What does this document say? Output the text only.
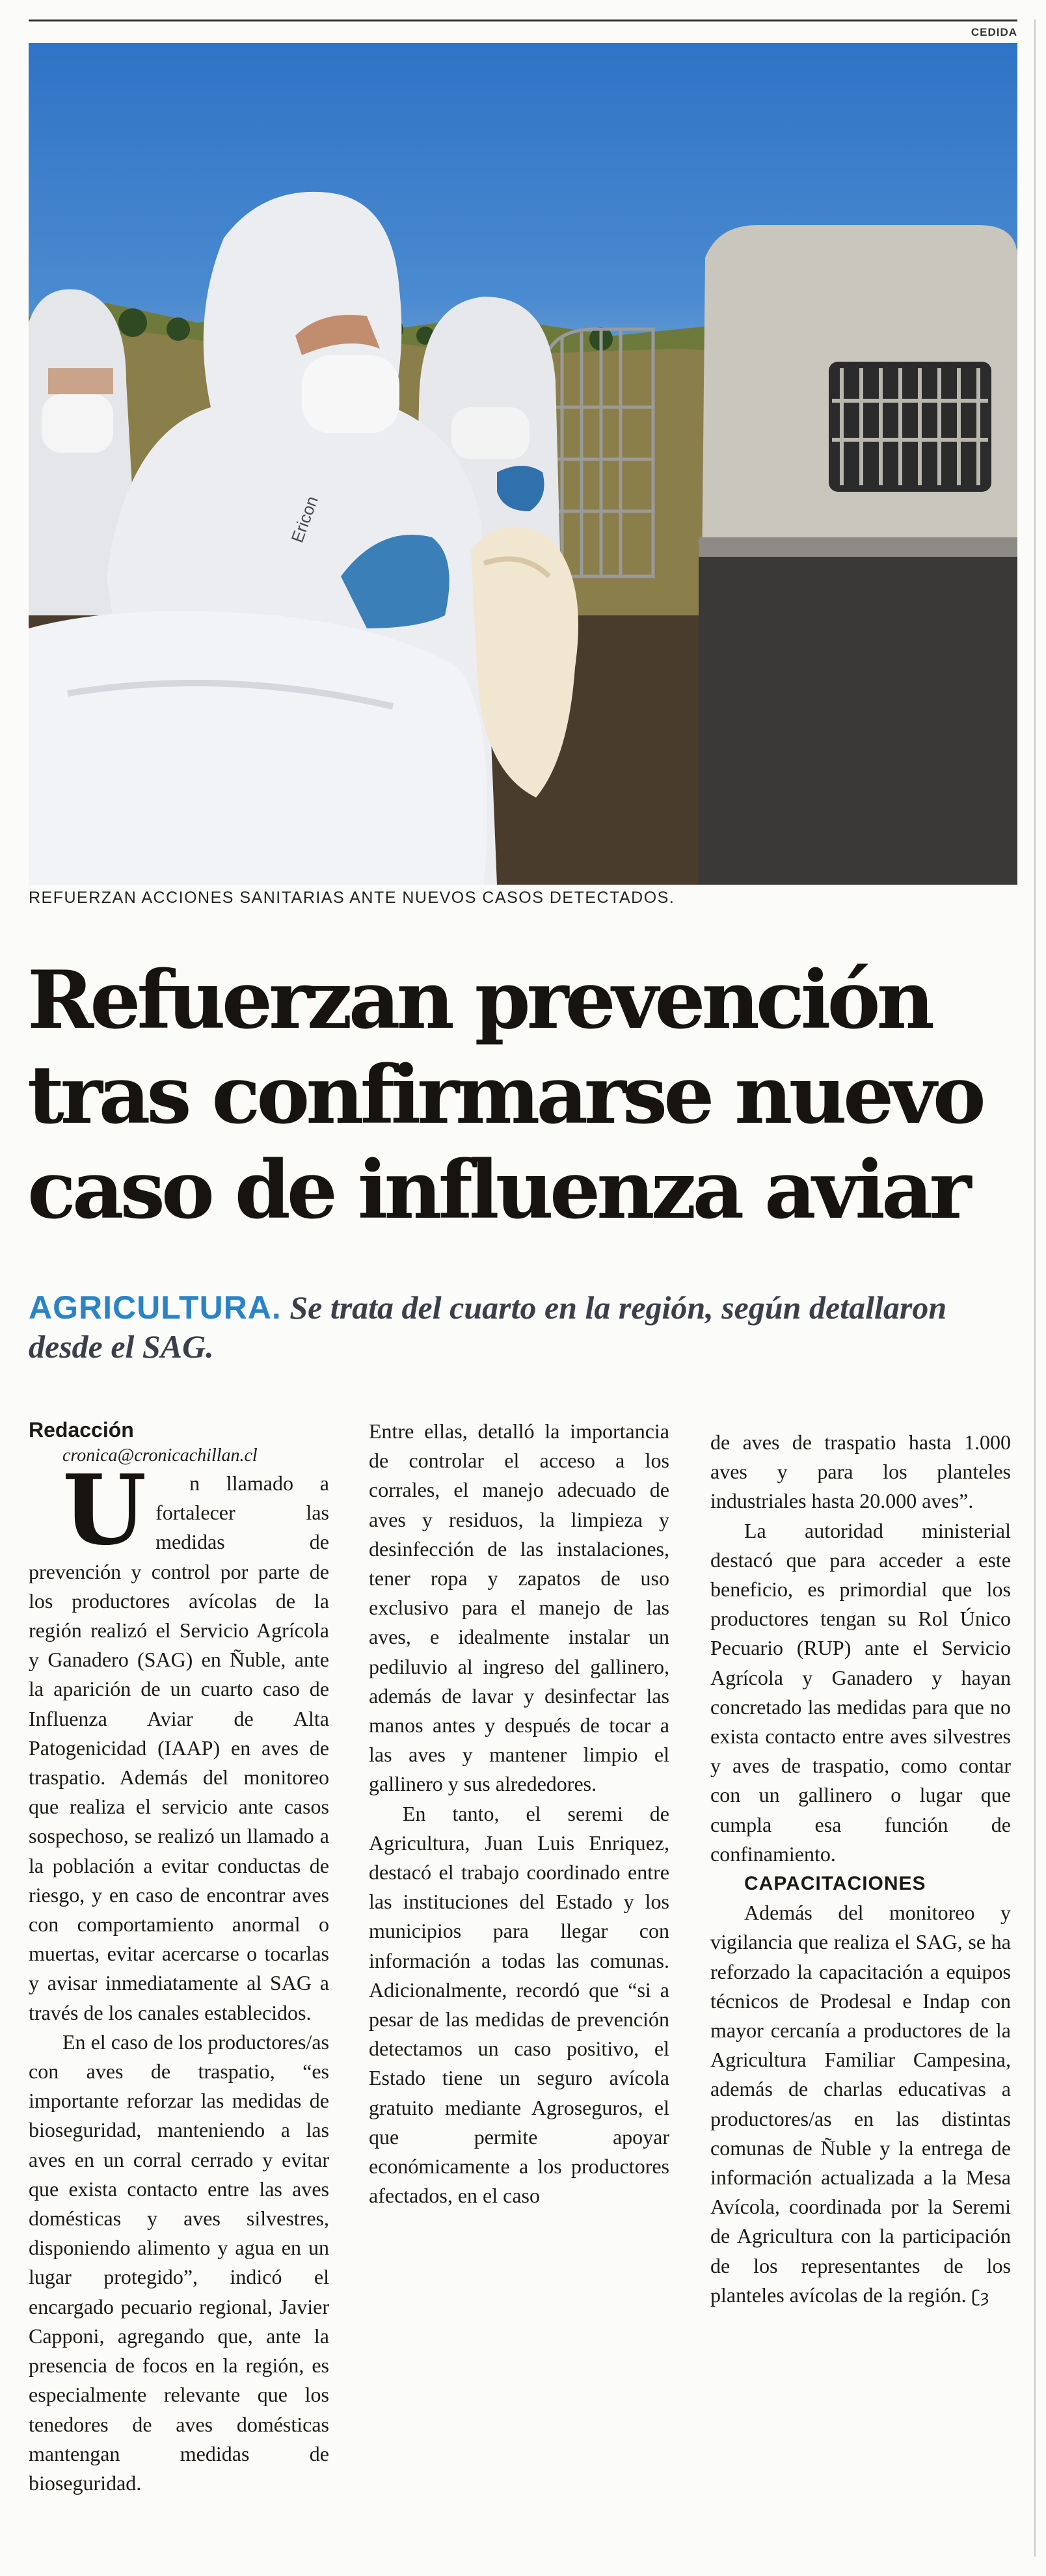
CEDIDA
Ericon
REFUERZAN ACCIONES SANITARIAS ANTE NUEVOS CASOS DETECTADOS.
Refuerzan prevención
tras confirmarse nuevo
caso de influenza aviar
AGRICULTURA. Se trata del cuarto en la región, según detallaron desde el SAG.

Redacción

cronica@cronicachillan.cl

U n llamado a fortalecer las medidas de prevención y control por parte de los productores avícolas de la región realizó el Servicio Agrícola y Ganadero (SAG) en Ñuble, ante la aparición de un cuarto caso de Influenza Aviar de Alta Patogenicidad (IAAP) en aves de traspatio. Además del monitoreo que realiza el servicio ante casos sospechoso, se realizó un llamado a la población a evitar conductas de riesgo, y en caso de encontrar aves con comportamiento anormal o muertas, evitar acercarse o tocarlas y avisar inmediatamente al SAG a través de los canales establecidos.

En el caso de los productores/as con aves de traspatio, “es importante reforzar las medidas de bioseguridad, manteniendo a las aves en un corral cerrado y evitar que exista contacto entre las aves domésticas y aves silvestres, disponiendo alimento y agua en un lugar protegido”, indicó el encargado pecuario regional, Javier Capponi, agregando que, ante la presencia de focos en la región, es especialmente relevante que los tenedores de aves domésticas mantengan medidas de bioseguridad.

Entre ellas, detalló la importancia de controlar el acceso a los corrales, el manejo adecuado de aves y residuos, la limpieza y desinfección de las instalaciones, tener ropa y zapatos de uso exclusivo para el manejo de las aves, e idealmente instalar un pediluvio al ingreso del gallinero, además de lavar y desinfectar las manos antes y después de tocar a las aves y mantener limpio el gallinero y sus alrededores.

En tanto, el seremi de Agricultura, Juan Luis Enriquez, destacó el trabajo coordinado entre las instituciones del Estado y los municipios para llegar con información a todas las comunas. Adicionalmente, recordó que “si a pesar de las medidas de prevención detectamos un caso positivo, el Estado tiene un seguro avícola gratuito mediante Agroseguros, el que permite apoyar económicamente a los productores afectados, en el caso

de aves de traspatio hasta 1.000 aves y para los planteles industriales hasta 20.000 aves”.

La autoridad ministerial destacó que para acceder a este beneficio, es primordial que los productores tengan su Rol Único Pecuario (RUP) ante el Servicio Agrícola y Ganadero y hayan concretado las medidas para que no exista contacto entre aves silvestres y aves de traspatio, como contar con un gallinero o lugar que cumpla esa función de confinamiento.

CAPACITACIONES

Además del monitoreo y vigilancia que realiza el SAG, se ha reforzado la capacitación a equipos técnicos de Prodesal e Indap con mayor cercanía a productores de la Agricultura Familiar Campesina, además de charlas educativas a productores/as en las distintas comunas de Ñuble y la entrega de información actualizada a la Mesa Avícola, coordinada por la Seremi de Agricultura con la participación de los representantes de los planteles avícolas de la región. ʗȝ
